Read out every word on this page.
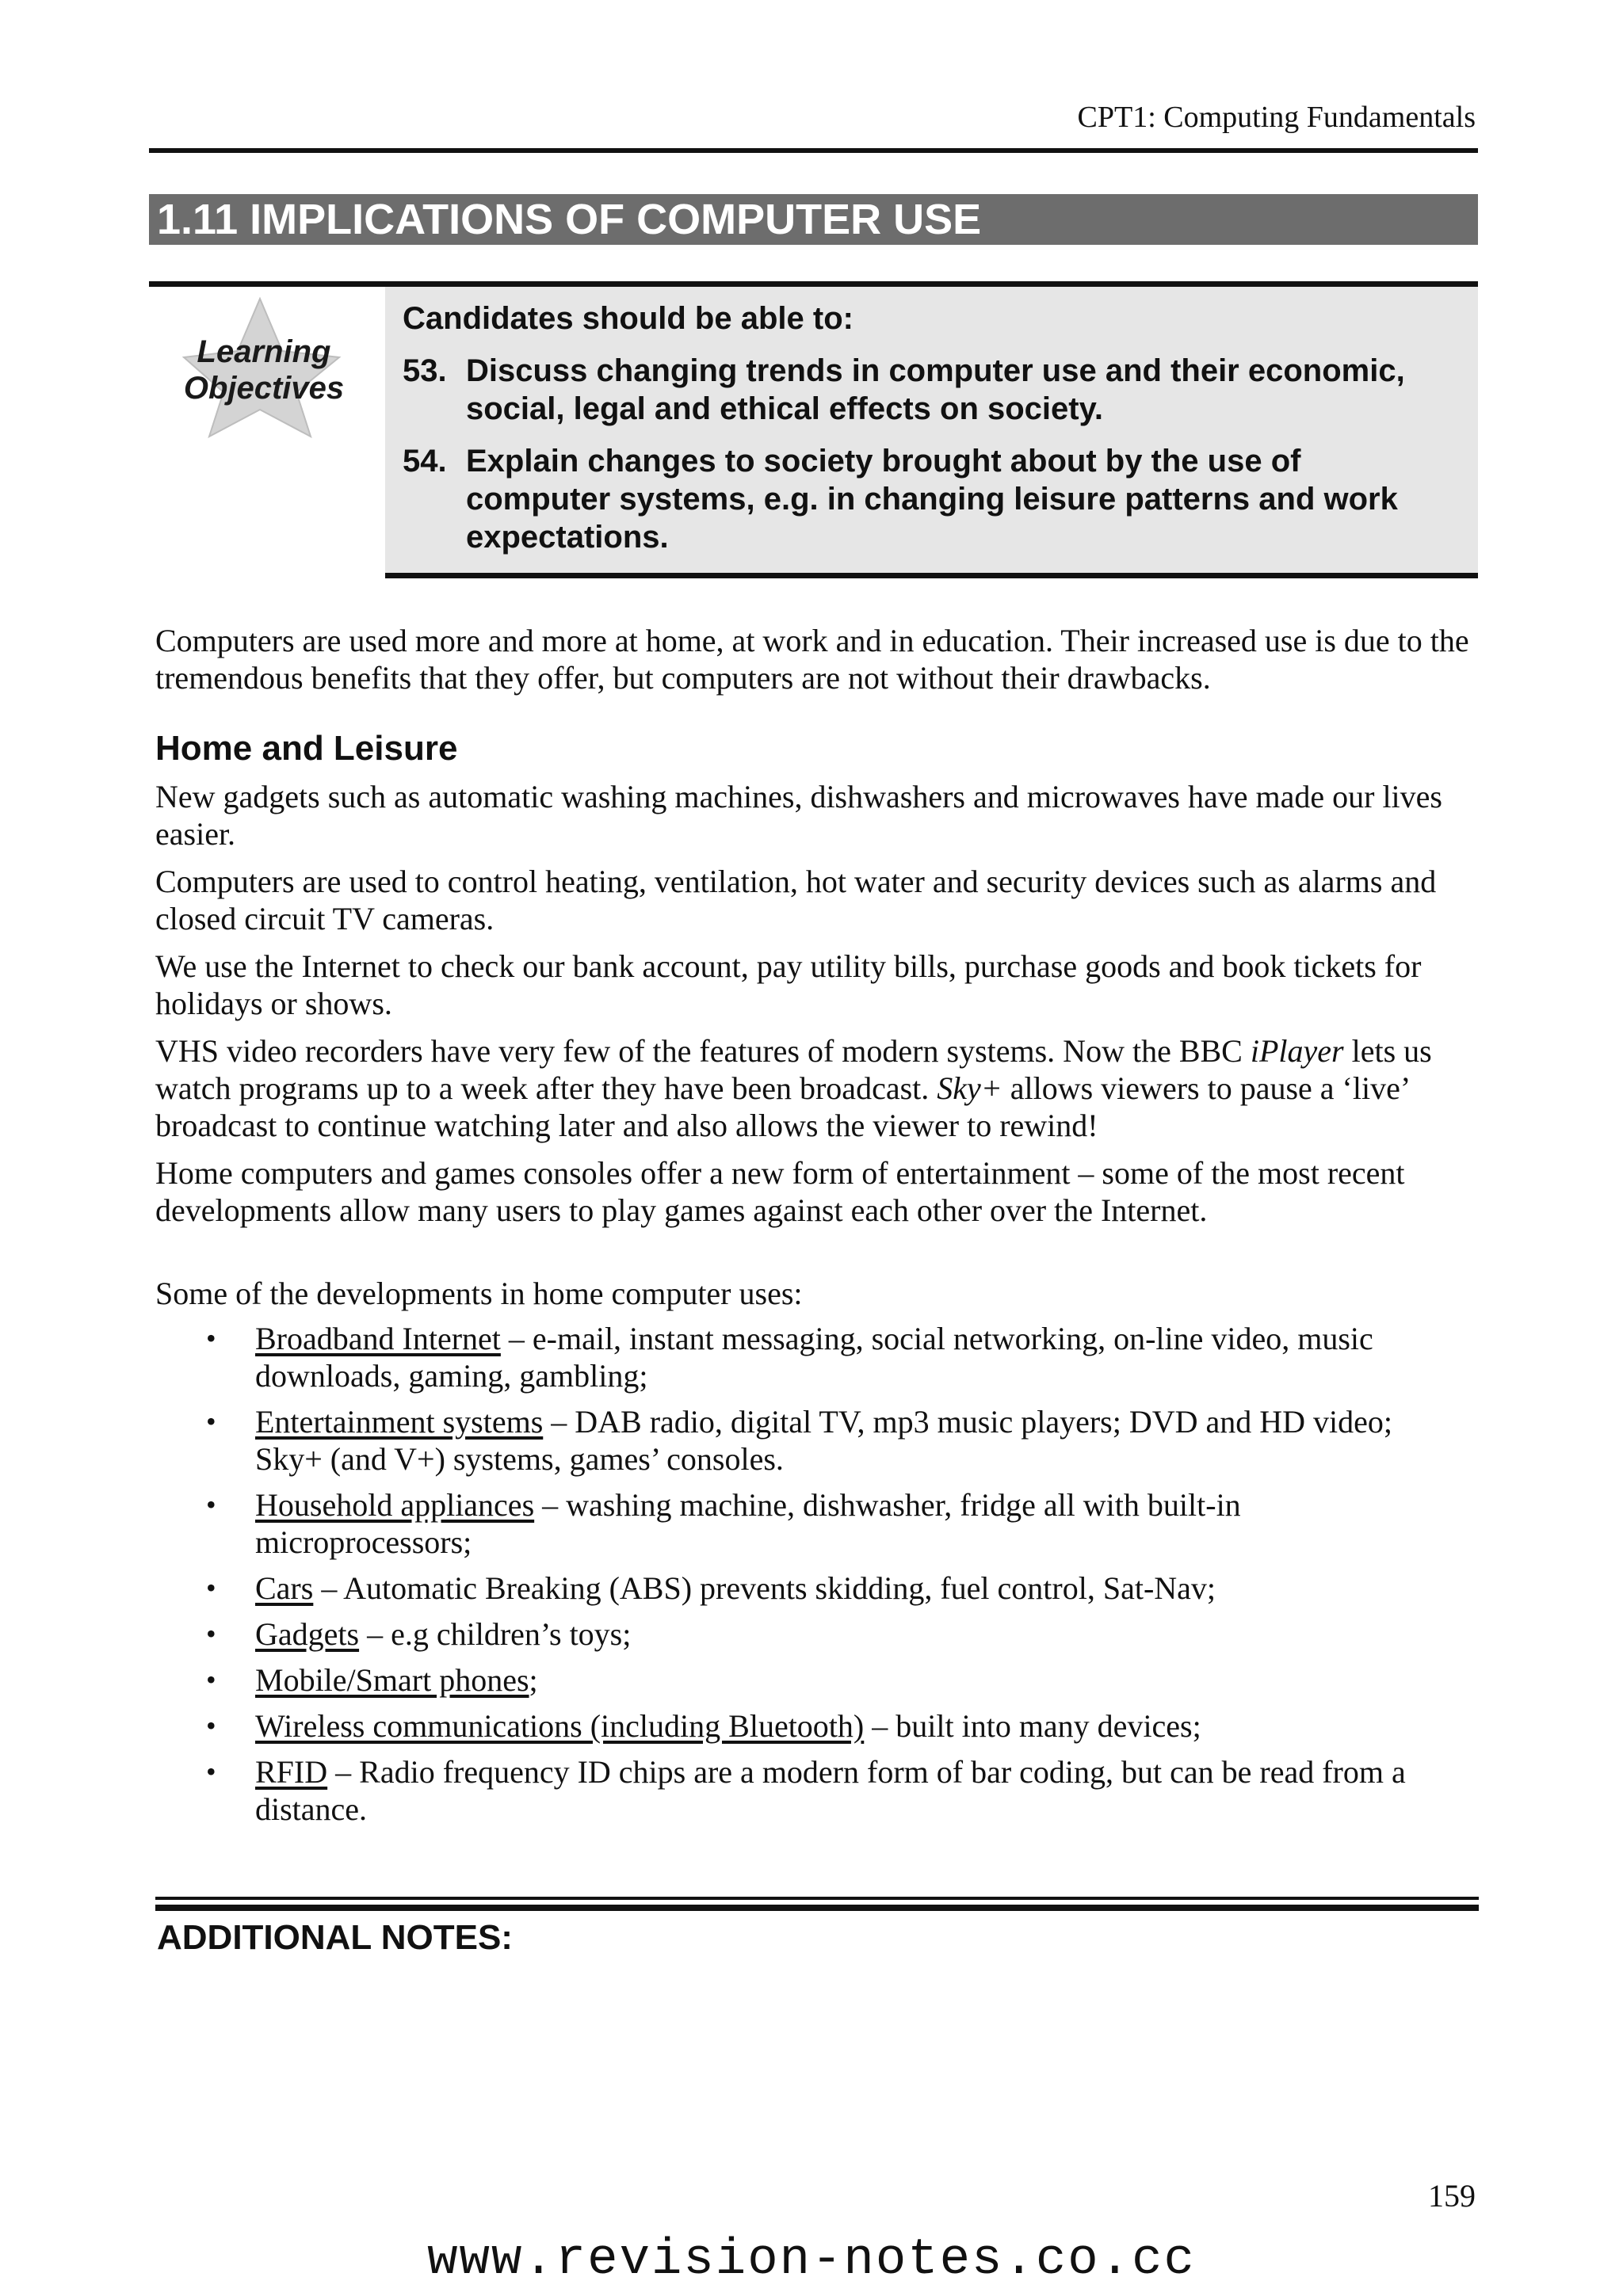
CPT1: Computing Fundamentals
1.11 IMPLICATIONS OF COMPUTER USE
Learning
Objectives
Candidates should be able to:
53. Discuss changing trends in computer use and their economic, social, legal and ethical effects on society.
54. Explain changes to society brought about by the use of computer systems, e.g. in changing leisure patterns and work expectations.

Computers are used more and more at home, at work and in education. Their increased use is due to the tremendous benefits that they offer, but computers are not without their drawbacks.

Home and Leisure

New gadgets such as automatic washing machines, dishwashers and microwaves have made our lives easier.

Computers are used to control heating, ventilation, hot water and security devices such as alarms and closed circuit TV cameras.

We use the Internet to check our bank account, pay utility bills, purchase goods and book tickets for holidays or shows.

VHS video recorders have very few of the features of modern systems. Now the BBC iPlayer lets us watch programs up to a week after they have been broadcast. Sky+ allows viewers to pause a ‘live’ broadcast to continue watching later and also allows the viewer to rewind!

Home computers and games consoles offer a new form of entertainment – some of the most recent developments allow many users to play games against each other over the Internet.

Some of the developments in home computer uses:

•	Broadband Internet – e-mail, instant messaging, social networking, on-line video, music downloads, gaming, gambling;
•	Entertainment systems – DAB radio, digital TV, mp3 music players; DVD and HD video; Sky+ (and V+) systems, games’ consoles.
•	Household appliances – washing machine, dishwasher, fridge all with built-in microprocessors;
•	Cars – Automatic Breaking (ABS) prevents skidding, fuel control, Sat-Nav;
•	Gadgets – e.g children’s toys;
•	Mobile/Smart phones;
•	Wireless communications (including Bluetooth) – built into many devices;
•	RFID – Radio frequency ID chips are a modern form of bar coding, but can be read from a distance.
ADDITIONAL NOTES:
159
www.revision-notes.co.cc
